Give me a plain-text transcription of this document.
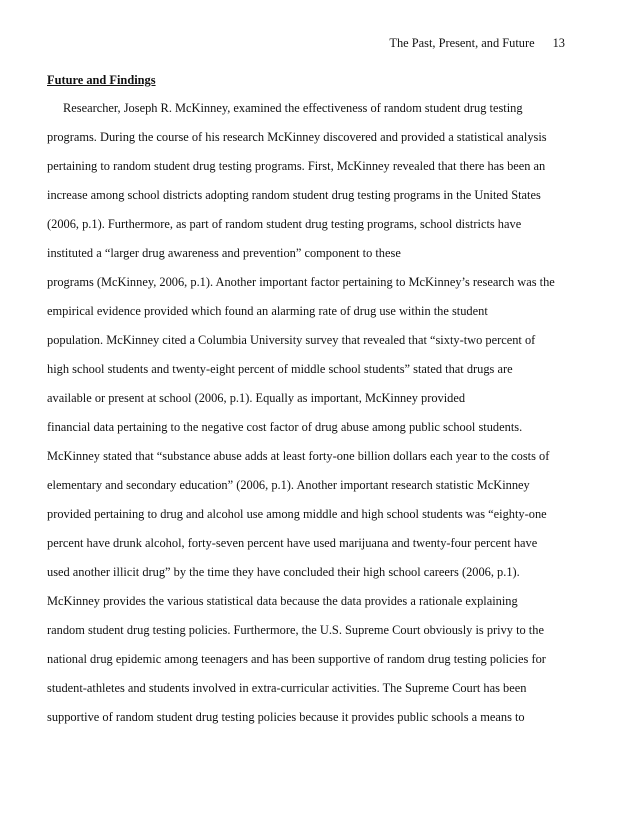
The Past, Present, and Future 13
Future and Findings
Researcher, Joseph R. McKinney, examined the effectiveness of random student drug testing
programs. During the course of his research McKinney discovered and provided a statistical analysis
pertaining to random student drug testing programs. First, McKinney revealed that there has been an
increase among school districts adopting random student drug testing programs in the United States
(2006, p.1). Furthermore, as part of random student drug testing programs, school districts have
instituted a “larger drug awareness and prevention” component to these
programs (McKinney, 2006, p.1). Another important factor pertaining to McKinney’s research was the
empirical evidence provided which found an alarming rate of drug use within the student
population. McKinney cited a Columbia University survey that revealed that “sixty-two percent of
high school students and twenty-eight percent of middle school students” stated that drugs are
available or present at school (2006, p.1). Equally as important, McKinney provided
financial data pertaining to the negative cost factor of drug abuse among public school students.
McKinney stated that “substance abuse adds at least forty-one billion dollars each year to the costs of
elementary and secondary education” (2006, p.1). Another important research statistic McKinney
provided pertaining to drug and alcohol use among middle and high school students was “eighty-one
percent have drunk alcohol, forty-seven percent have used marijuana and twenty-four percent have
used another illicit drug” by the time they have concluded their high school careers (2006, p.1).
McKinney provides the various statistical data because the data provides a rationale explaining
random student drug testing policies. Furthermore, the U.S. Supreme Court obviously is privy to the
national drug epidemic among teenagers and has been supportive of random drug testing policies for
student-athletes and students involved in extra-curricular activities. The Supreme Court has been
supportive of random student drug testing policies because it provides public schools a means to
